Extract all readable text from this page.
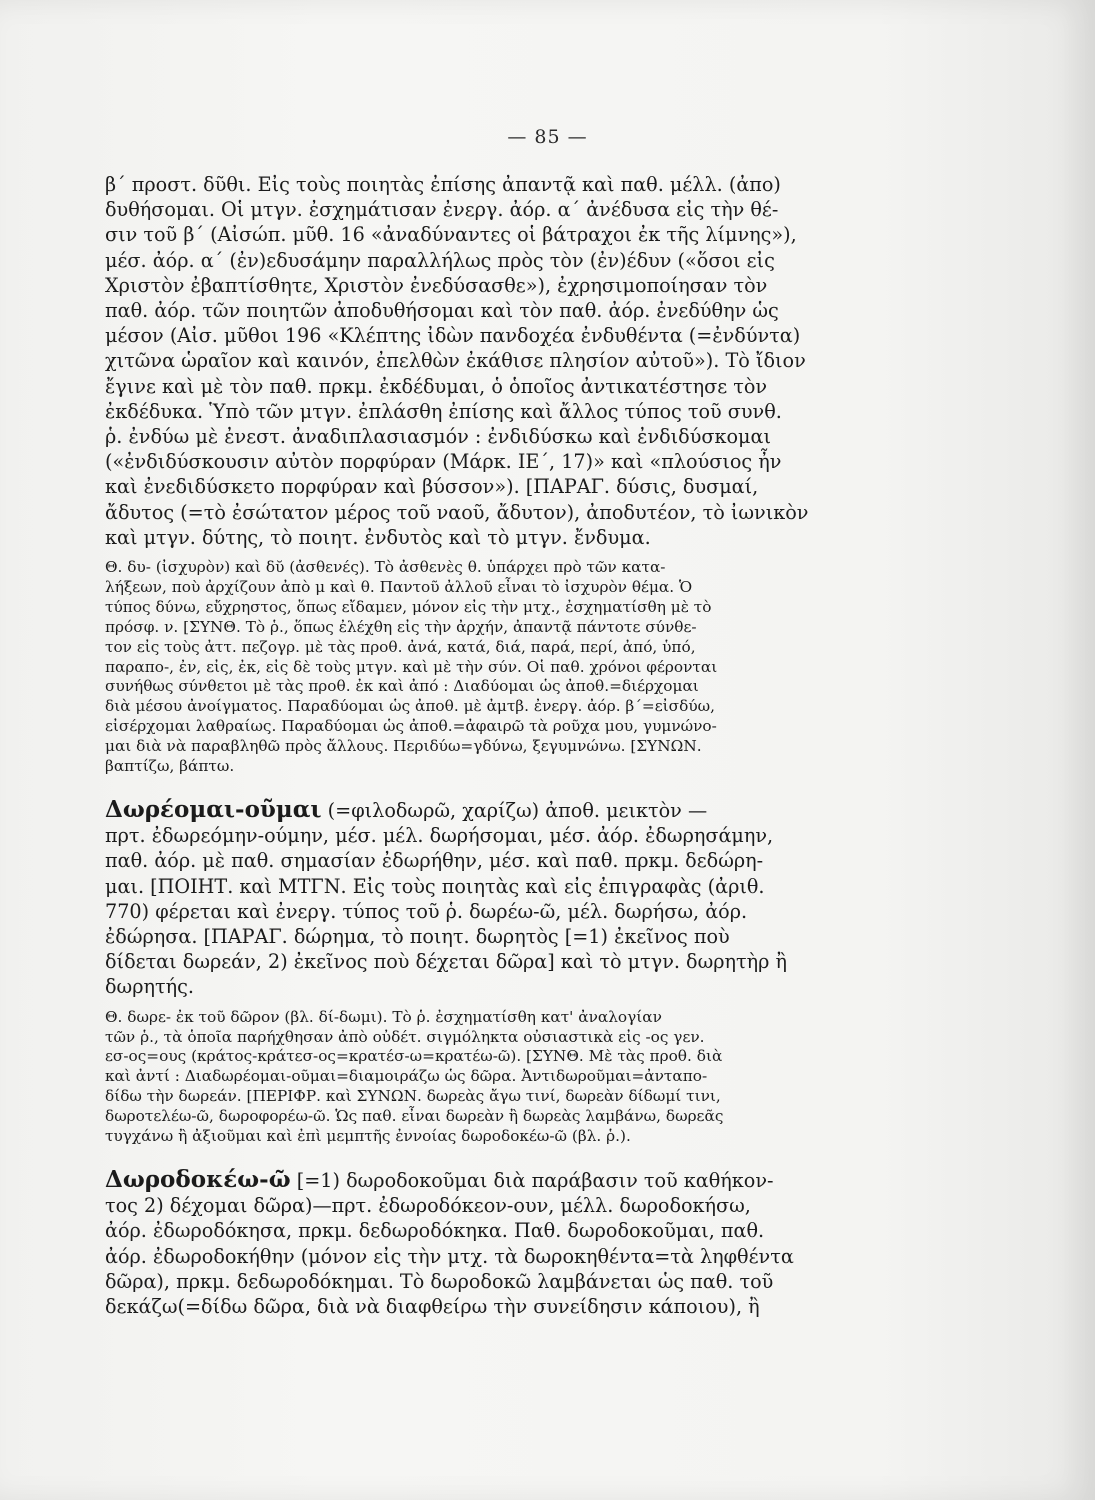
— 85 —

β΄ προστ. δῦθι. Εἰς τοὺς ποιητὰς ἐπίσης ἀπαντᾷ καὶ παθ. μέλλ. (ἀπο)
δυθήσομαι. Οἱ μτγν. ἐσχημάτισαν ἐνεργ. ἀόρ. α΄ ἀνέδυσα εἰς τὴν θέ-
σιν τοῦ β΄ (Αἰσώπ. μῦθ. 16 «ἀναδύναντες οἱ βάτραχοι ἐκ τῆς λίμνης»),
μέσ. ἀόρ. α΄ (ἐν)εδυσάμην παραλλήλως πρὸς τὸν (ἐν)έδυν («ὅσοι εἰς
Χριστὸν ἐβαπτίσθητε, Χριστὸν ἐνεδύσασθε»), ἐχρησιμοποίησαν τὸν
παθ. ἀόρ. τῶν ποιητῶν ἀποδυθήσομαι καὶ τὸν παθ. ἀόρ. ἐνεδύθην ὡς
μέσον (Αἰσ. μῦθοι 196 «Κλέπτης ἰδὼν πανδοχέα ἐνδυθέντα (=ἐνδύντα)
χιτῶνα ὡραῖον καὶ καινόν, ἐπελθὼν ἐκάθισε πλησίον αὐτοῦ»). Τὸ ἴδιον
ἔγινε καὶ μὲ τὸν παθ. πρκμ. ἐκδέδυμαι, ὁ ὁποῖος ἀντικατέστησε τὸν
ἐκδέδυκα. Ὑπὸ τῶν μτγν. ἐπλάσθη ἐπίσης καὶ ἄλλος τύπος τοῦ συνθ.
ῥ. ἐνδύω μὲ ἐνεστ. ἀναδιπλασιασμόν : ἐνδιδύσκω καὶ ἐνδιδύσκομαι
(«ἐνδιδύσκουσιν αὐτὸν πορφύραν (Μάρκ. ΙΕ΄, 17)» καὶ «πλούσιος ἦν
καὶ ἐνεδιδύσκετο πορφύραν καὶ βύσσον»). [ΠΑΡΑΓ. δύσις, δυσμαί,
ἄδυτος (=τὸ ἐσώτατον μέρος τοῦ ναοῦ, ἄδυτον), ἀποδυτέον, τὸ ἰωνικὸν
καὶ μτγν. δύτης, τὸ ποιητ. ἐνδυτὸς καὶ τὸ μτγν. ἔνδυμα.

Θ. δυ- (ἰσχυρὸν) καὶ δῠ (ἀσθενές). Τὸ ἀσθενὲς θ. ὑπάρχει πρὸ τῶν κατα-
λήξεων, ποὺ ἀρχίζουν ἀπὸ μ καὶ θ. Παντοῦ ἀλλοῦ εἶναι τὸ ἰσχυρὸν θέμα. Ὁ
τύπος δύνω, εὔχρηστος, ὅπως εἴδαμεν, μόνον εἰς τὴν μτχ., ἐσχηματίσθη μὲ τὸ
πρόσφ. ν. [ΣΥΝΘ. Τὸ ῥ., ὅπως ἐλέχθη εἰς τὴν ἀρχήν, ἀπαντᾷ πάντοτε σύνθε-
τον εἰς τοὺς ἀττ. πεζογρ. μὲ τὰς προθ. ἀνά, κατά, διά, παρά, περί, ἀπό, ὑπό,
παραπο-, ἐν, εἰς, ἐκ, εἰς δὲ τοὺς μτγν. καὶ μὲ τὴν σύν. Οἱ παθ. χρόνοι φέρονται
συνήθως σύνθετοι μὲ τὰς προθ. ἐκ καὶ ἀπό : Διαδύομαι ὡς ἀποθ.=διέρχομαι
διὰ μέσου ἀνοίγματος. Παραδύομαι ὡς ἀποθ. μὲ ἀμτβ. ἐνεργ. ἀόρ. β΄=εἰσδύω,
εἰσέρχομαι λαθραίως. Παραδύομαι ὡς ἀποθ.=ἀφαιρῶ τὰ ροῦχα μου, γυμνώνο-
μαι διὰ νὰ παραβληθῶ πρὸς ἄλλους. Περιδύω=γδύνω, ξεγυμνώνω. [ΣΥΝΩΝ.
βαπτίζω, βάπτω.

Δωρέομαι-οῦμαι (=φιλοδωρῶ, χαρίζω) ἀποθ. μεικτὸν —
πρτ. ἐδωρεόμην-ούμην, μέσ. μέλ. δωρήσομαι, μέσ. ἀόρ. ἐδωρησάμην,
παθ. ἀόρ. μὲ παθ. σημασίαν ἐδωρήθην, μέσ. καὶ παθ. πρκμ. δεδώρη-
μαι. [ΠΟΙΗΤ. καὶ ΜΤΓΝ. Εἰς τοὺς ποιητὰς καὶ εἰς ἐπιγραφὰς (ἀριθ.
770) φέρεται καὶ ἐνεργ. τύπος τοῦ ῥ. δωρέω-ῶ, μέλ. δωρήσω, ἀόρ.
ἐδώρησα. [ΠΑΡΑΓ. δώρημα, τὸ ποιητ. δωρητὸς [=1) ἐκεῖνος ποὺ
δίδεται δωρεάν, 2) ἐκεῖνος ποὺ δέχεται δῶρα] καὶ τὸ μτγν. δωρητὴρ ἢ
δωρητής.

Θ. δωρε- ἐκ τοῦ δῶρον (βλ. δί-δωμι). Τὸ ῥ. ἐσχηματίσθη κατ' ἀναλογίαν
τῶν ῥ., τὰ ὁποῖα παρήχθησαν ἀπὸ οὐδέτ. σιγμόληκτα οὐσιαστικὰ εἰς -ος γεν.
εσ-ος=ους (κράτος-κράτεσ-ος=κρατέσ-ω=κρατέω-ῶ). [ΣΥΝΘ. Μὲ τὰς προθ. διὰ
καὶ ἀντί : Διαδωρέομαι-οῦμαι=διαμοιράζω ὡς δῶρα. Ἀντιδωροῦμαι=ἀνταπο-
δίδω τὴν δωρεάν. [ΠΕΡΙΦΡ. καὶ ΣΥΝΩΝ. δωρεὰς ἄγω τινί, δωρεὰν δίδωμί τινι,
δωροτελέω-ῶ, δωροφορέω-ῶ. Ὡς παθ. εἶναι δωρεὰν ἢ δωρεὰς λαμβάνω, δωρεᾶς
τυγχάνω ἢ ἀξιοῦμαι καὶ ἐπὶ μεμπτῆς ἐννοίας δωροδοκέω-ῶ (βλ. ῥ.).

Δωροδοκέω-ῶ [=1) δωροδοκοῦμαι διὰ παράβασιν τοῦ καθήκον-
τος 2) δέχομαι δῶρα)—πρτ. ἐδωροδόκεον-ουν, μέλλ. δωροδοκήσω,
ἀόρ. ἐδωροδόκησα, πρκμ. δεδωροδόκηκα. Παθ. δωροδοκοῦμαι, παθ.
ἀόρ. ἐδωροδοκήθην (μόνον εἰς τὴν μτχ. τὰ δωροκηθέντα=τὰ ληφθέντα
δῶρα), πρκμ. δεδωροδόκημαι. Τὸ δωροδοκῶ λαμβάνεται ὡς παθ. τοῦ
δεκάζω(=δίδω δῶρα, διὰ νὰ διαφθείρω τὴν συνείδησιν κάποιου), ἢ
